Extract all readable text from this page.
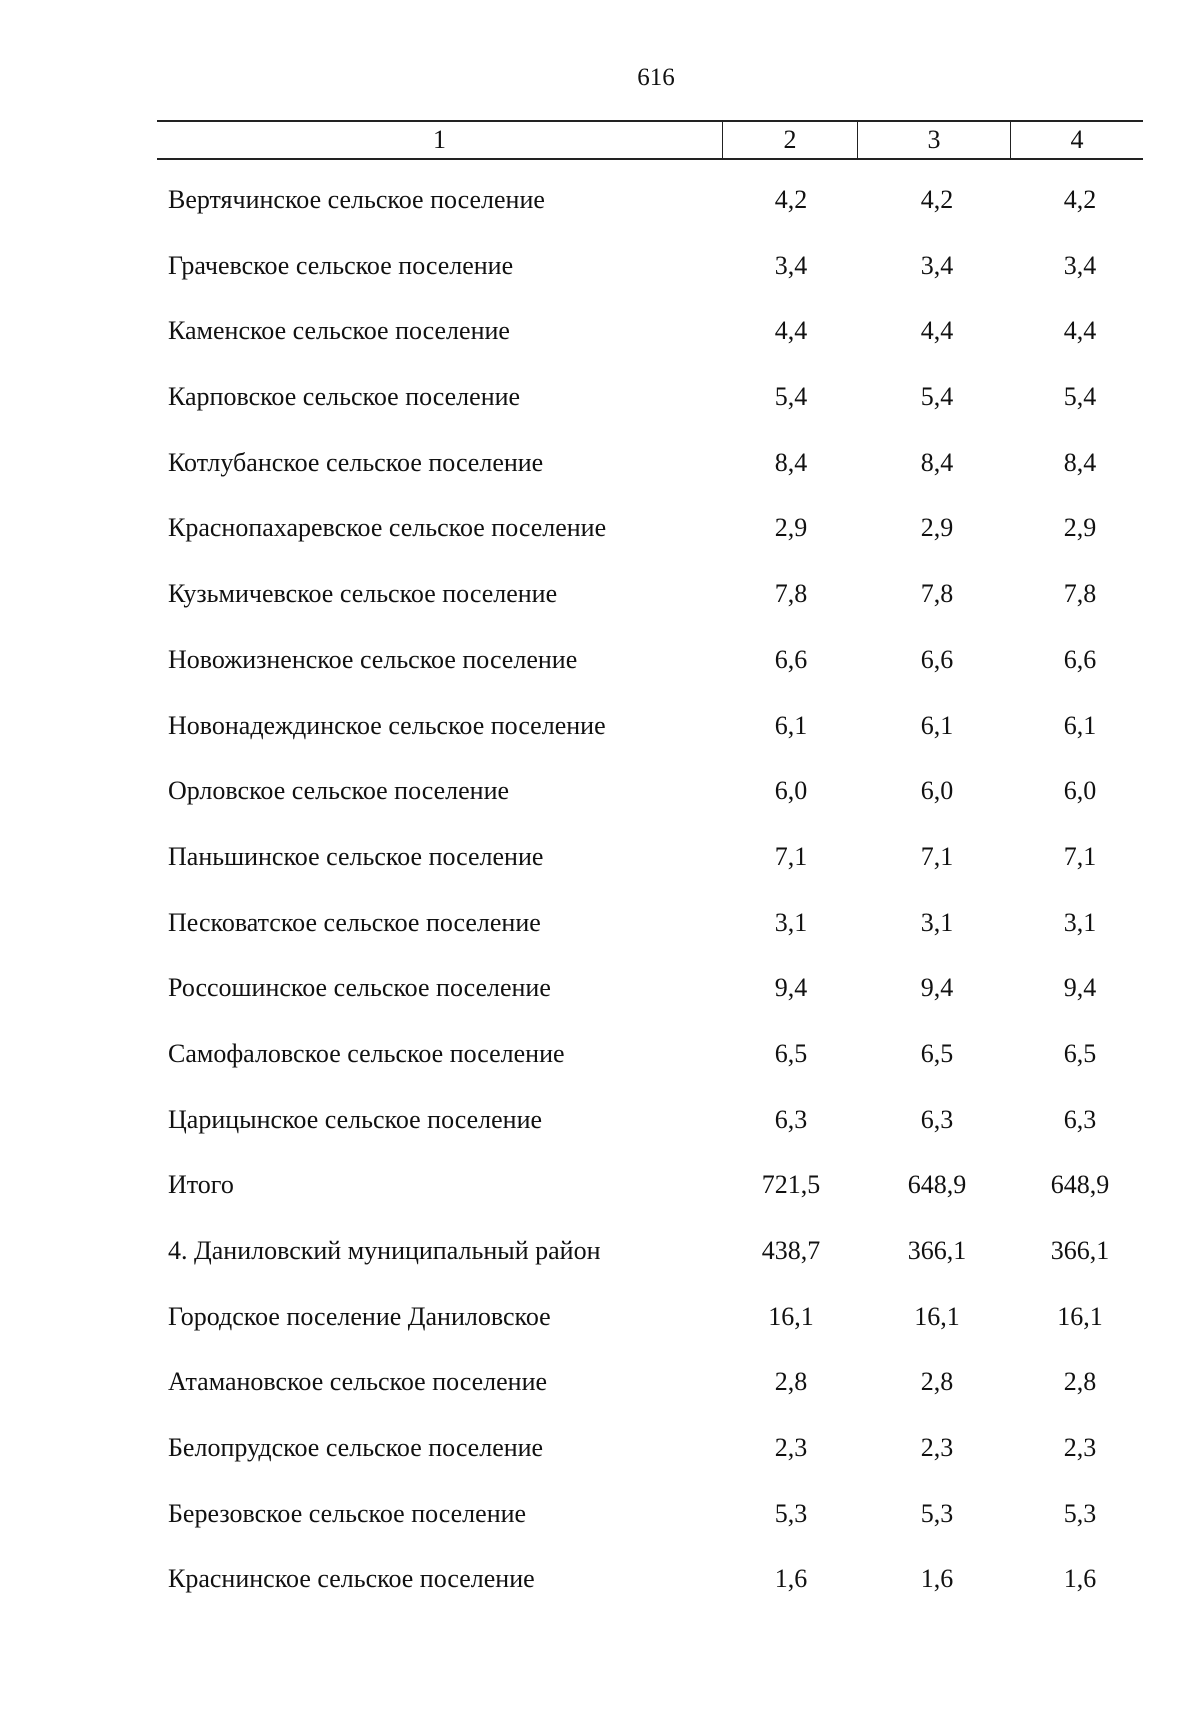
616
1	2	3	4
Вертячинское сельское поселение	4,2	4,2	4,2
Грачевское сельское поселение	3,4	3,4	3,4
Каменское сельское поселение	4,4	4,4	4,4
Карповское сельское поселение	5,4	5,4	5,4
Котлубанское сельское поселение	8,4	8,4	8,4
Краснопахаревское сельское поселение	2,9	2,9	2,9
Кузьмичевское сельское поселение	7,8	7,8	7,8
Новожизненское сельское поселение	6,6	6,6	6,6
Новонадеждинское сельское поселение	6,1	6,1	6,1
Орловское сельское поселение	6,0	6,0	6,0
Паньшинское сельское поселение	7,1	7,1	7,1
Песковатское сельское поселение	3,1	3,1	3,1
Россошинское сельское поселение	9,4	9,4	9,4
Самофаловское сельское поселение	6,5	6,5	6,5
Царицынское сельское поселение	6,3	6,3	6,3
Итого	721,5	648,9	648,9
4. Даниловский муниципальный район	438,7	366,1	366,1
Городское поселение Даниловское	16,1	16,1	16,1
Атамановское сельское поселение	2,8	2,8	2,8
Белопрудское сельское поселение	2,3	2,3	2,3
Березовское сельское поселение	5,3	5,3	5,3
Краснинское сельское поселение	1,6	1,6	1,6
